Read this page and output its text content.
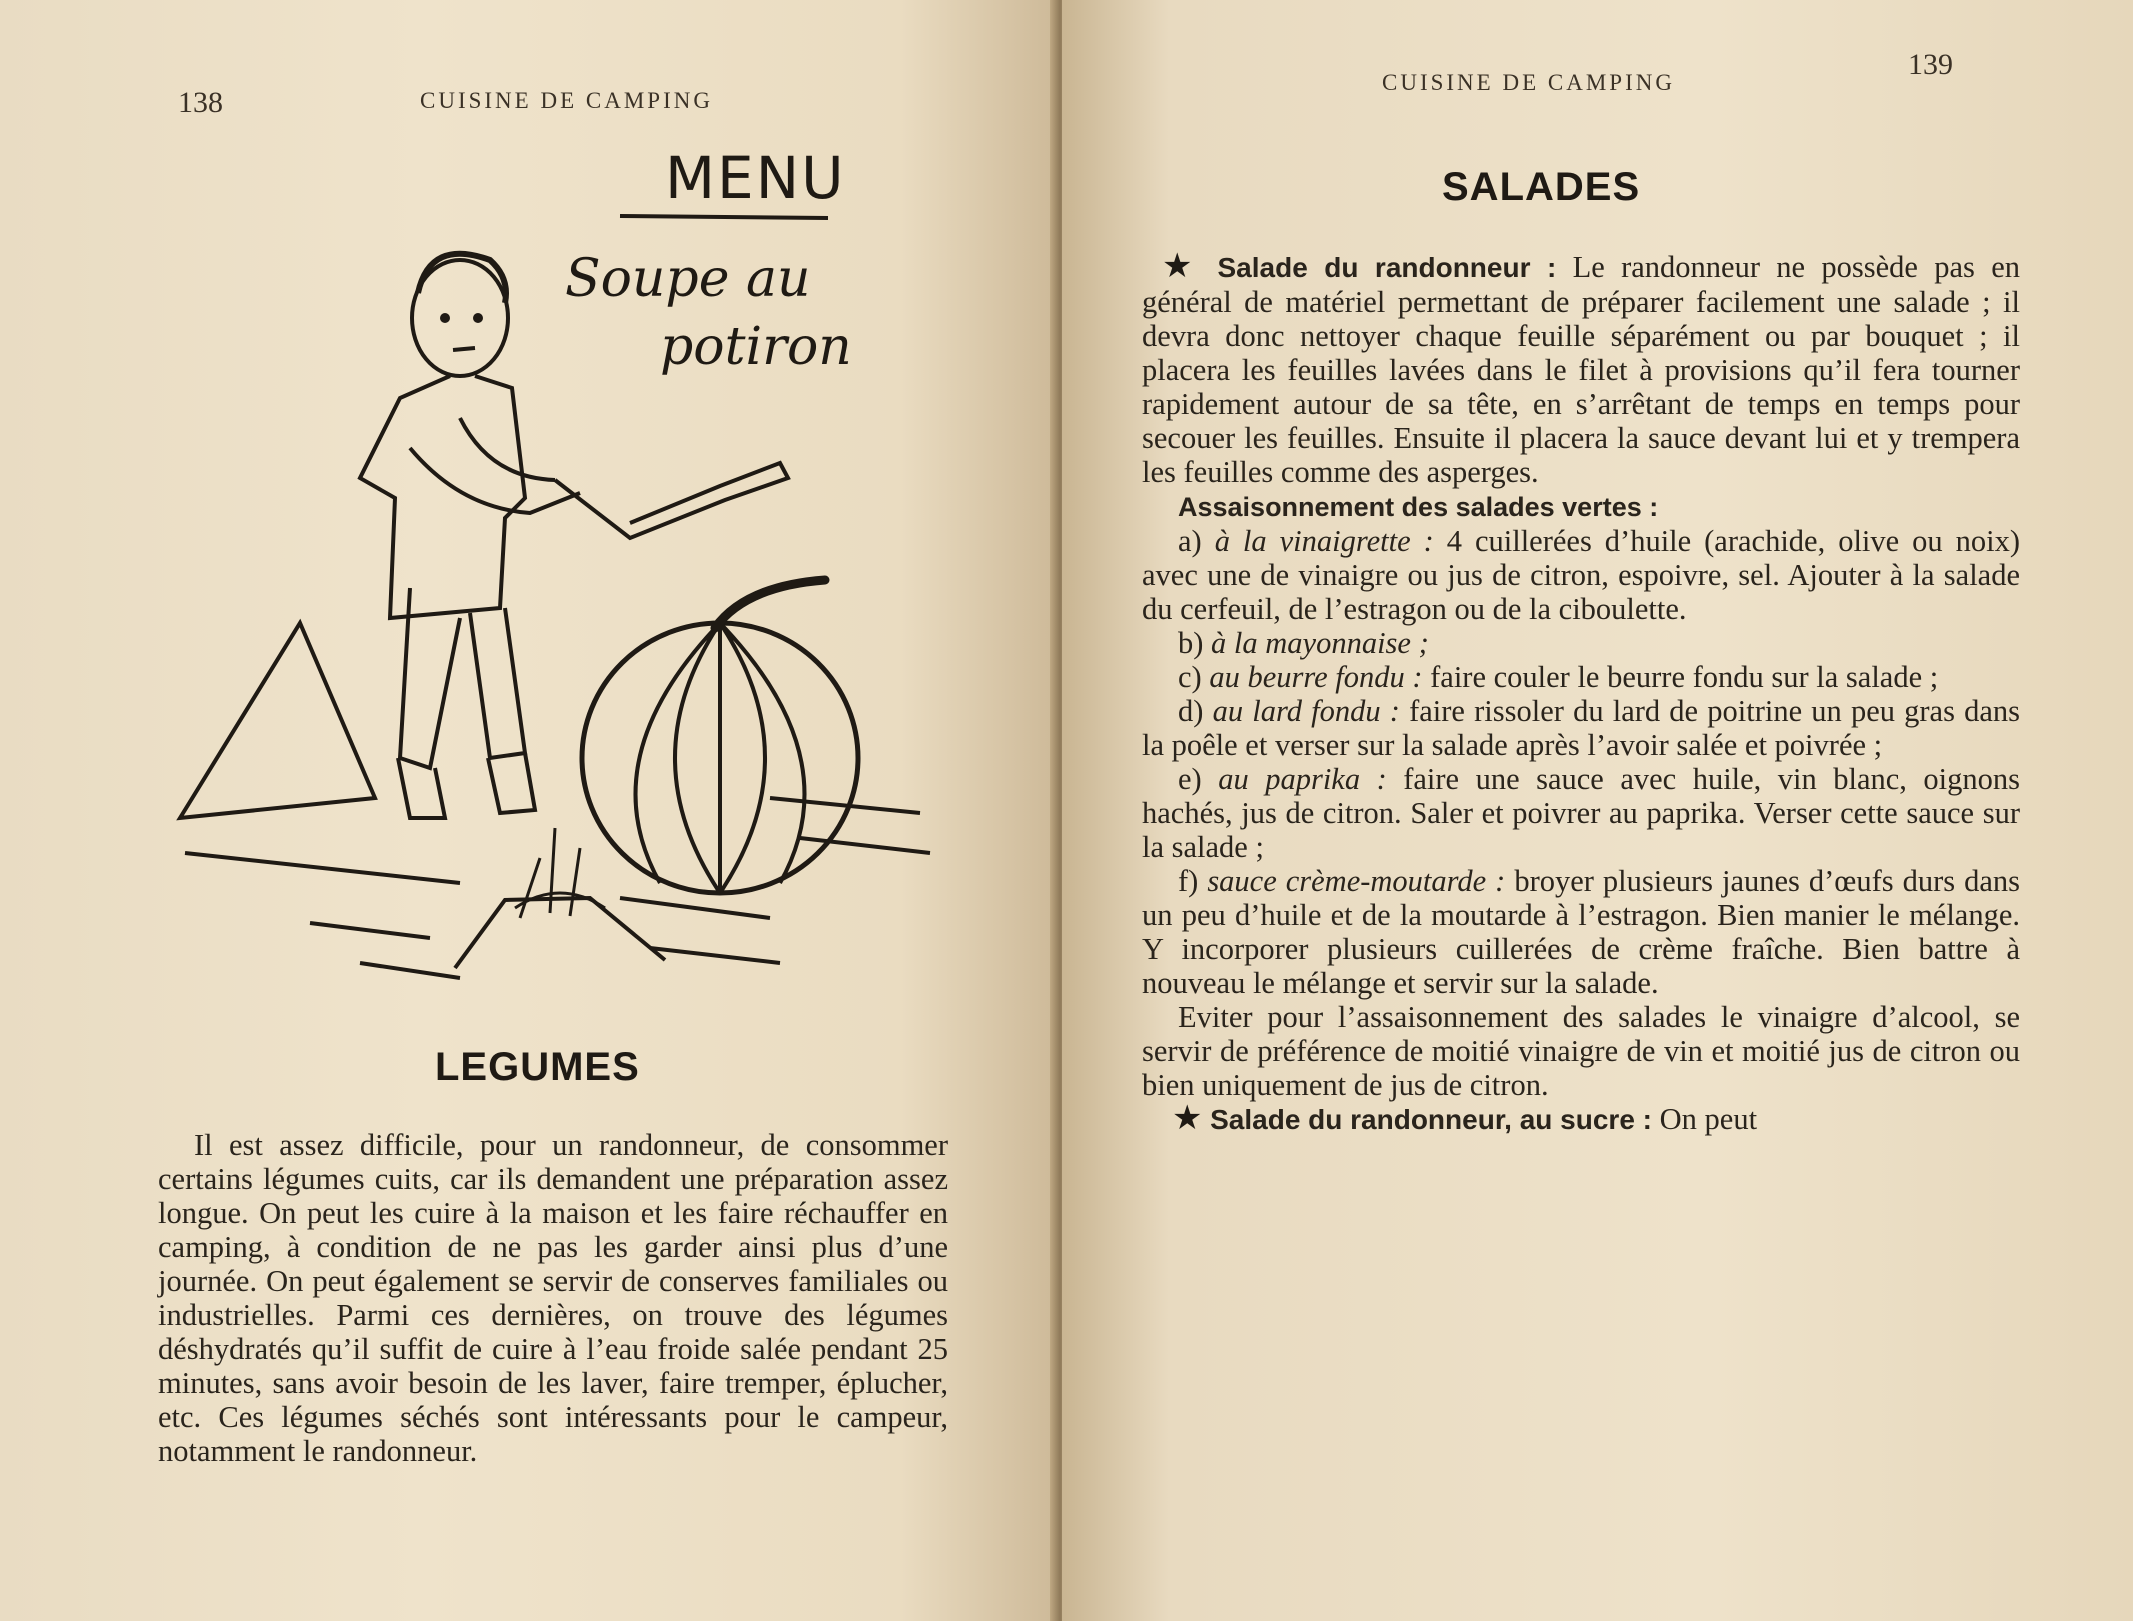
138	CUISINE DE CAMPING
MENU
Soupe au
potiron
LEGUMES

Il est assez difficile, pour un randonneur, de consommer certains légumes cuits, car ils demandent une préparation assez longue. On peut les cuire à la maison et les faire réchauffer en camping, à condition de ne pas les garder ainsi plus d’une journée. On peut également se servir de conserves familiales ou industrielles. Parmi ces dernières, on trouve des légumes déshydratés qu’il suffit de cuire à l’eau froide salée pendant 25 minutes, sans avoir besoin de les laver, faire tremper, éplucher, etc. Ces légumes séchés sont intéressants pour le campeur, notamment le randonneur.

CUISINE DE CAMPING
139
SALADES

★ Salade du randonneur : Le randonneur ne possède pas en général de matériel permettant de préparer facilement une salade ; il devra donc nettoyer chaque feuille séparément ou par bouquet ; il placera les feuilles lavées dans le filet à provisions qu’il fera tourner rapidement autour de sa tête, en s’arrêtant de temps en temps pour secouer les feuilles. Ensuite il placera la sauce devant lui et y trempera les feuilles comme des asperges.

Assaisonnement des salades vertes :

a) à la vinaigrette : 4 cuillerées d’huile (arachide, olive ou noix) avec une de vinaigre ou jus de citron, espoivre, sel. Ajouter à la salade du cerfeuil, de l’estragon ou de la ciboulette.

b) à la mayonnaise ;

c) au beurre fondu : faire couler le beurre fondu sur la salade ;

d) au lard fondu : faire rissoler du lard de poitrine un peu gras dans la poêle et verser sur la salade après l’avoir salée et poivrée ;

e) au paprika : faire une sauce avec huile, vin blanc, oignons hachés, jus de citron. Saler et poivrer au paprika. Verser cette sauce sur la salade ;

f) sauce crème-moutarde : broyer plusieurs jaunes d’œufs durs dans un peu d’huile et de la moutarde à l’estragon. Bien manier le mélange. Y incorporer plusieurs cuillerées de crème fraîche. Bien battre à nouveau le mélange et servir sur la salade.

Eviter pour l’assaisonnement des salades le vinaigre d’alcool, se servir de préférence de moitié vinaigre de vin et moitié jus de citron ou bien uniquement de jus de citron.

★ Salade du randonneur, au sucre : On peut
